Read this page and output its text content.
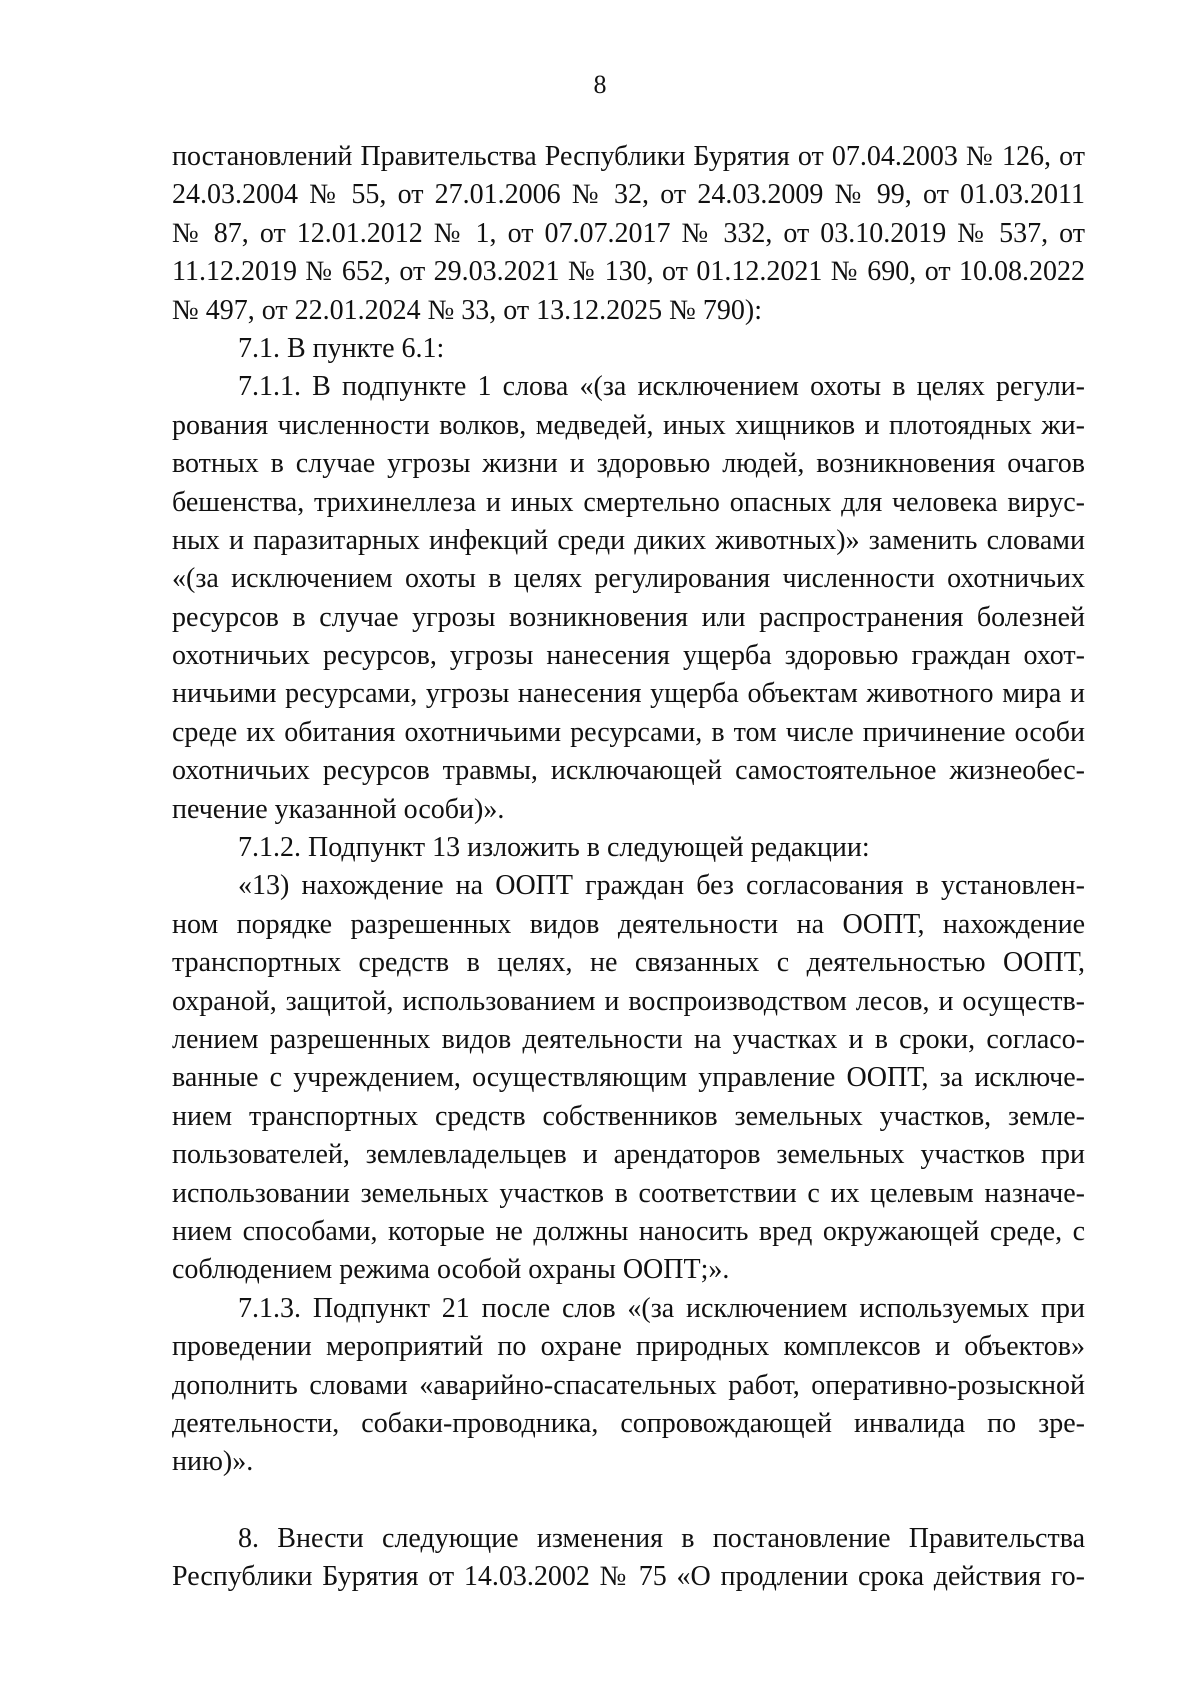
8
постановлений Правительства Республики Бурятия от 07.04.2003 № 126, от
24.03.2004 № 55, от 27.01.2006 № 32, от 24.03.2009 № 99, от 01.03.2011
№ 87, от 12.01.2012 № 1, от 07.07.2017 № 332, от 03.10.2019 № 537, от
11.12.2019 № 652, от 29.03.2021 № 130, от 01.12.2021 № 690, от 10.08.2022
№ 497, от 22.01.2024 № 33, от 13.12.2025 № 790):
7.1. В пункте 6.1:
7.1.1. В подпункте 1 слова «(за исключением охоты в целях регули-
рования численности волков, медведей, иных хищников и плотоядных жи-
вотных в случае угрозы жизни и здоровью людей, возникновения очагов
бешенства, трихинеллеза и иных смертельно опасных для человека вирус-
ных и паразитарных инфекций среди диких животных)» заменить словами
«(за исключением охоты в целях регулирования численности охотничьих
ресурсов в случае угрозы возникновения или распространения болезней
охотничьих ресурсов, угрозы нанесения ущерба здоровью граждан охот-
ничьими ресурсами, угрозы нанесения ущерба объектам животного мира и
среде их обитания охотничьими ресурсами, в том числе причинение особи
охотничьих ресурсов травмы, исключающей самостоятельное жизнеобес-
печение указанной особи)».
7.1.2. Подпункт 13 изложить в следующей редакции:
«13) нахождение на ООПТ граждан без согласования в установлен-
ном порядке разрешенных видов деятельности на ООПТ, нахождение
транспортных средств в целях, не связанных с деятельностью ООПТ,
охраной, защитой, использованием и воспроизводством лесов, и осуществ-
лением разрешенных видов деятельности на участках и в сроки, согласо-
ванные с учреждением, осуществляющим управление ООПТ, за исключе-
нием транспортных средств собственников земельных участков, земле-
пользователей, землевладельцев и арендаторов земельных участков при
использовании земельных участков в соответствии с их целевым назначе-
нием способами, которые не должны наносить вред окружающей среде, с
соблюдением режима особой охраны ООПТ;».
7.1.3. Подпункт 21 после слов «(за исключением используемых при
проведении мероприятий по охране природных комплексов и объектов»
дополнить словами «аварийно-спасательных работ, оперативно-розыскной
деятельности, собаки-проводника, сопровождающей инвалида по зре-
нию)».
8. Внести следующие изменения в постановление Правительства
Республики Бурятия от 14.03.2002 № 75 «О продлении срока действия го-
